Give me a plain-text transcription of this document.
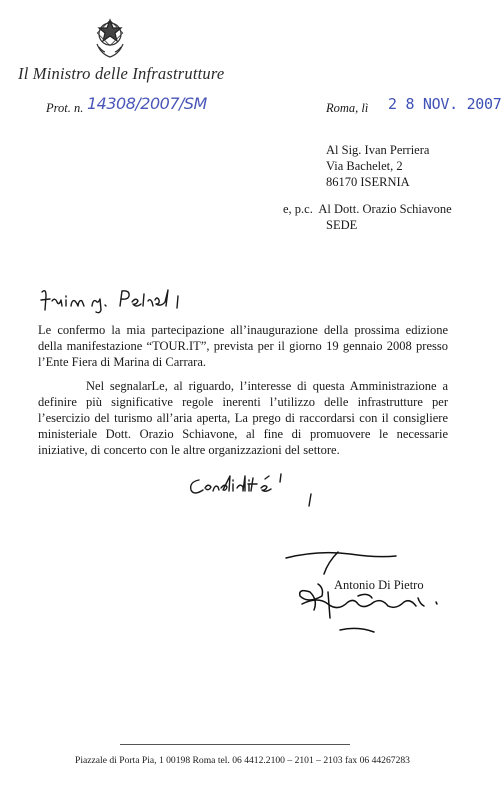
Il Ministro delle Infrastrutture
Prot. n. 14308/2007/SM	Roma, lì 2 8 NOV. 2007
Al Sig. Ivan Perriera
Via Bachelet, 2
86170 ISERNIA
e, p.c.  Al Dott. Orazio Schiavone
SEDE
Le confermo la mia partecipazione all’inaugurazione della prossima edizione della manifestazione “TOUR.IT”, prevista per il giorno 19 gennaio 2008 presso l’Ente Fiera di Marina di Carrara.
Nel segnalarLe, al riguardo, l’interesse di questa Amministrazione a definire più significative regole inerenti l’utilizzo delle infrastrutture per l’esercizio del turismo all’aria aperta, La prego di raccordarsi con il consigliere ministeriale Dott. Orazio Schiavone, al fine di promuovere le necessarie iniziative, di concerto con le altre organizzazioni del settore.
Antonio Di Pietro
Piazzale di Porta Pia, 1 00198 Roma tel. 06 4412.2100 – 2101 – 2103 fax 06 44267283
